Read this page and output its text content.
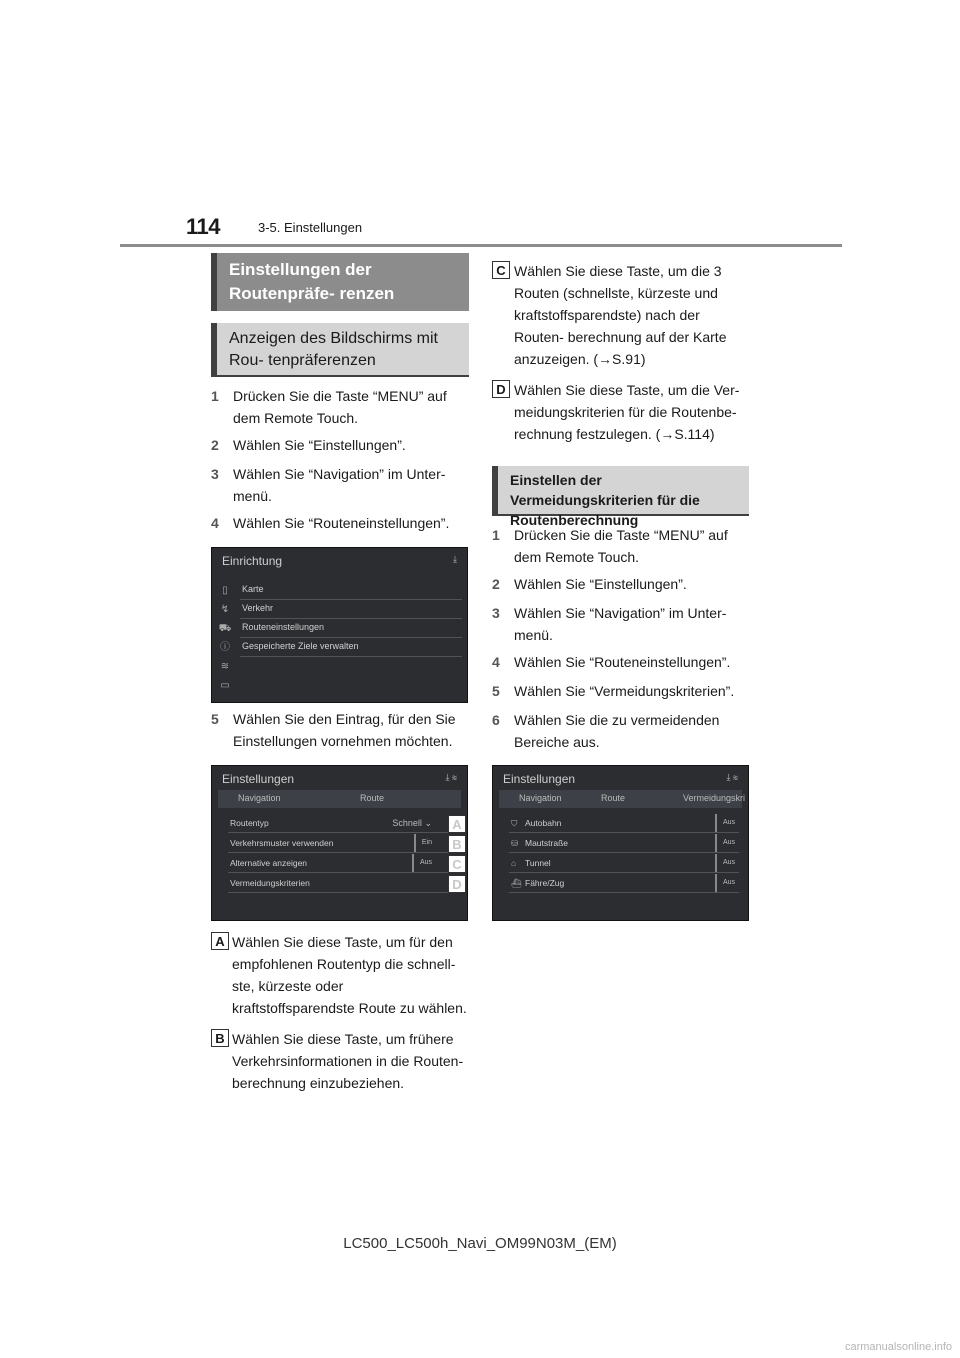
114	3-5. Einstellungen
Einstellungen der Routenpräfe- renzen
Anzeigen des Bildschirms mit Rou- tenpräferenzen
1 Drücken Sie die Taste “MENU” auf dem Remote Touch.
2 Wählen Sie “Einstellungen”.
3 Wählen Sie “Navigation” im Unter- menü.
4 Wählen Sie “Routeneinstellungen”.
Einrichtung	⤓
▯
↯
⛟
ⓘ
≋
▭
Karte
Verkehr
Routeneinstellungen
Gespeicherte Ziele verwalten
5 Wählen Sie den Eintrag, für den Sie Einstellungen vornehmen möchten.
Einstellungen	⤓ ≋
Navigation	Route
Routentyp	Schnell ⌄
Verkehrsmuster verwenden	Ein
Alternative anzeigen	Aus
Vermeidungskriterien
A
B
C
D
A Wählen Sie diese Taste, um für den empfohlenen Routentyp die schnell- ste, kürzeste oder kraftstoffsparendste Route zu wählen.
B Wählen Sie diese Taste, um frühere Verkehrsinformationen in die Routen- berechnung einzubeziehen.
C Wählen Sie diese Taste, um die 3 Routen (schnellste, kürzeste und kraftstoffsparendste) nach der Routen- berechnung auf der Karte anzuzeigen. (→S.91)
D Wählen Sie diese Taste, um die Ver- meidungskriterien für die Routenbe- rechnung festzulegen. (→S.114)
Einstellen der Vermeidungskriterien für die Routenberechnung
1 Drücken Sie die Taste “MENU” auf dem Remote Touch.
2 Wählen Sie “Einstellungen”.
3 Wählen Sie “Navigation” im Unter- menü.
4 Wählen Sie “Routeneinstellungen”.
5 Wählen Sie “Vermeidungskriterien”.
6 Wählen Sie die zu vermeidenden Bereiche aus.
Einstellungen	⤓ ≋
Navigation	Route	Vermeidungskri
⛉ Autobahn	Aus
⛁ Mautstraße	Aus
⌂ Tunnel	Aus
⛴ Fähre/Zug	Aus
LC500_LC500h_Navi_OM99N03M_(EM)
carmanualsonline.info
